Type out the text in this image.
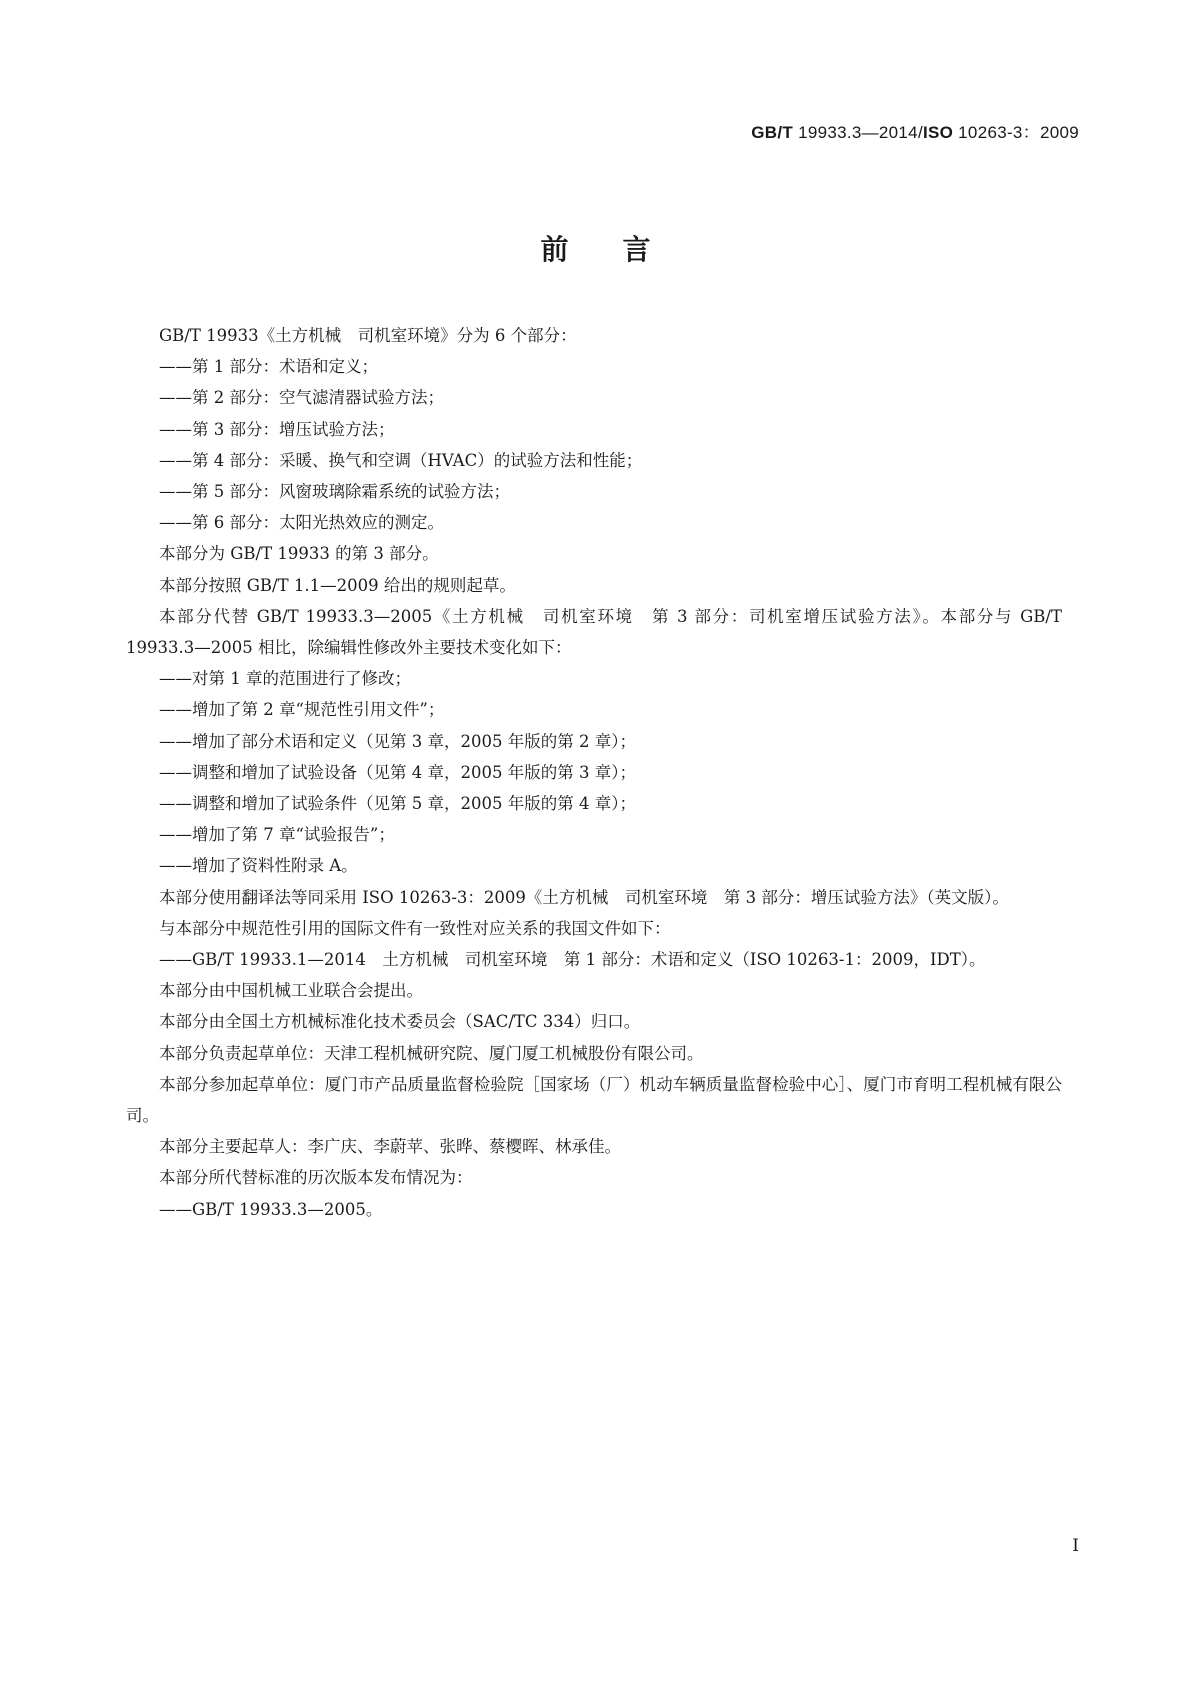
GB/T 19933.3—2014/ISO 10263-3：2009
前言

GB/T 19933《土方机械　司机室环境》分为 6 个部分：

——第 1 部分：术语和定义；

——第 2 部分：空气滤清器试验方法；

——第 3 部分：增压试验方法；

——第 4 部分：采暖、换气和空调（HVAC）的试验方法和性能；

——第 5 部分：风窗玻璃除霜系统的试验方法；

——第 6 部分：太阳光热效应的测定。

本部分为 GB/T 19933 的第 3 部分。

本部分按照 GB/T 1.1—2009 给出的规则起草。

本部分代替 GB/T 19933.3—2005《土方机械　司机室环境　第 3 部分：司机室增压试验方法》。本部分与 GB/T 19933.3—2005 相比，除编辑性修改外主要技术变化如下：

——对第 1 章的范围进行了修改；

——增加了第 2 章“规范性引用文件”；

——增加了部分术语和定义（见第 3 章，2005 年版的第 2 章）；

——调整和增加了试验设备（见第 4 章，2005 年版的第 3 章）；

——调整和增加了试验条件（见第 5 章，2005 年版的第 4 章）；

——增加了第 7 章“试验报告”；

——增加了资料性附录 A。

本部分使用翻译法等同采用 ISO 10263-3：2009《土方机械　司机室环境　第 3 部分：增压试验方法》（英文版）。

与本部分中规范性引用的国际文件有一致性对应关系的我国文件如下：

——GB/T 19933.1—2014　土方机械　司机室环境　第 1 部分：术语和定义（ISO 10263-1：2009，IDT）。

本部分由中国机械工业联合会提出。

本部分由全国土方机械标准化技术委员会（SAC/TC 334）归口。

本部分负责起草单位：天津工程机械研究院、厦门厦工机械股份有限公司。

本部分参加起草单位：厦门市产品质量监督检验院［国家场（厂）机动车辆质量监督检验中心］、厦门市育明工程机械有限公司。

本部分主要起草人：李广庆、李蔚苹、张晔、蔡樱晖、林承佳。

本部分所代替标准的历次版本发布情况为：

——GB/T 19933.3—2005。

I
